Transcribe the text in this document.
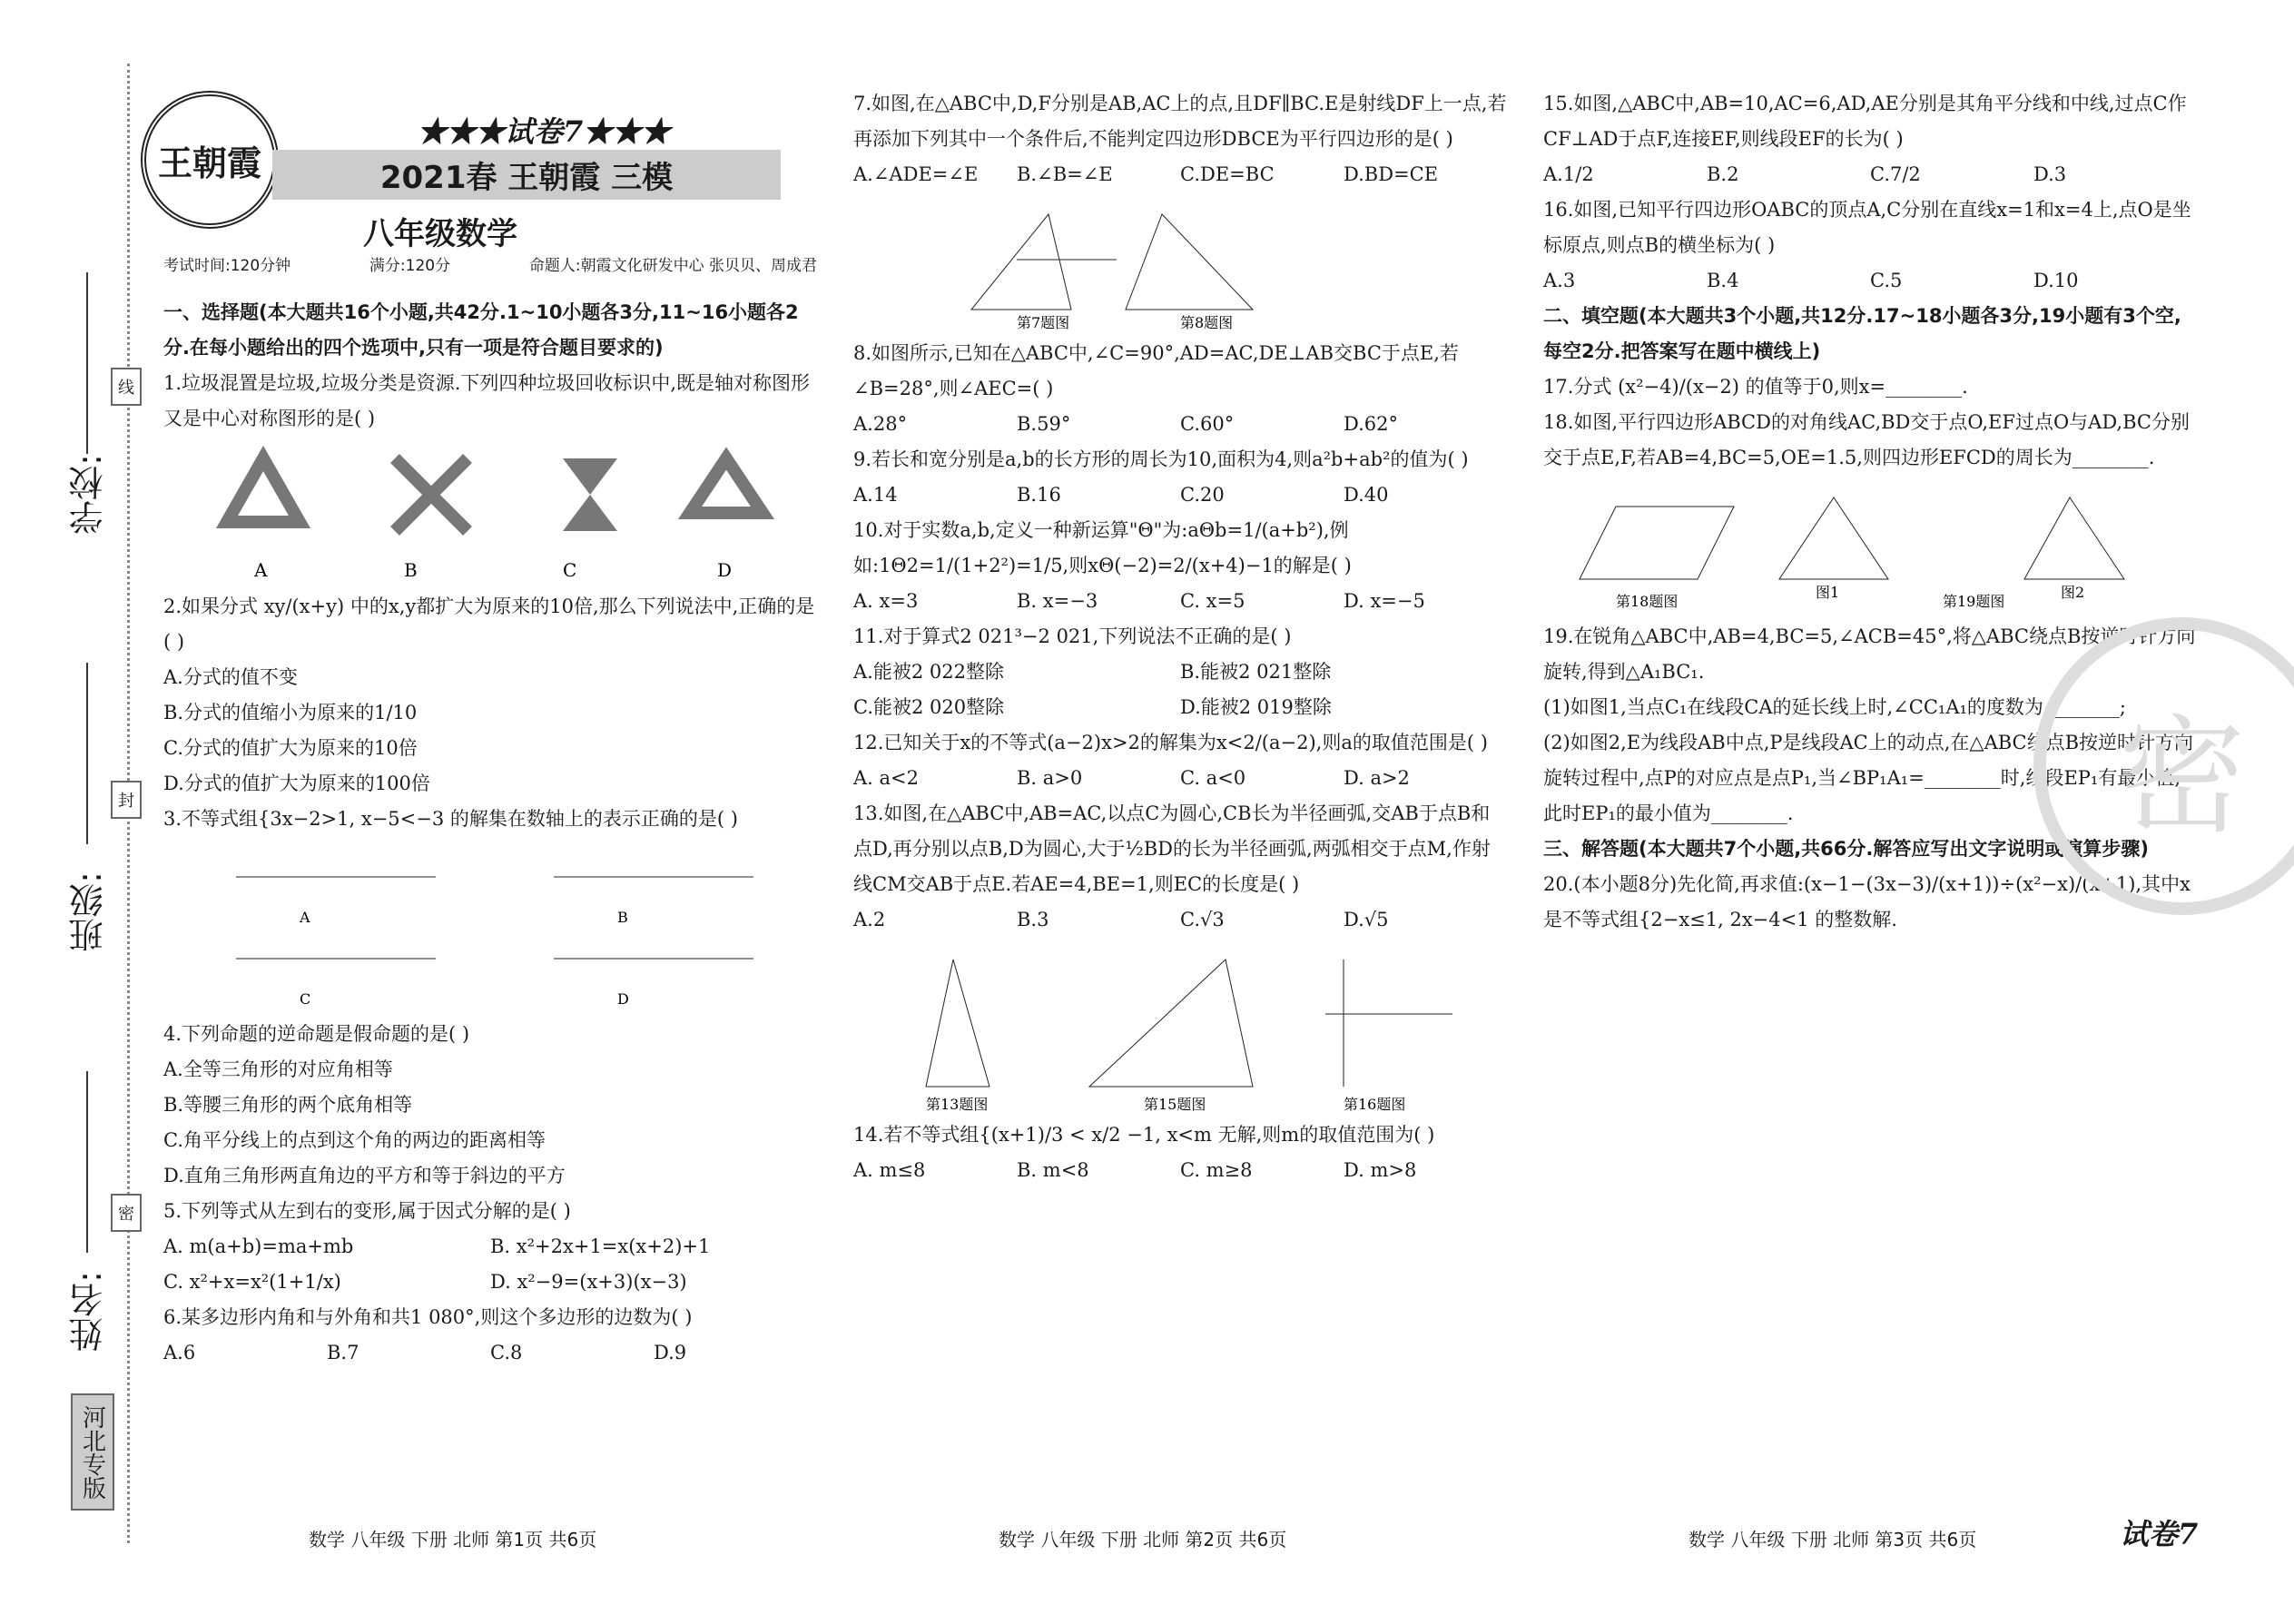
学校:
线
班级:
封
姓名:
密
河北专版
王朝霞
★★★试卷7★★★
2021春 王朝霞 三模
八年级数学
考试时间:120分钟	满分:120分	命题人:朝霞文化研发中心 张贝贝、周成君

一、选择题(本大题共16个小题,共42分.1~10小题各3分,11~16小题各2分.在每小题给出的四个选项中,只有一项是符合题目要求的)

1.垃圾混置是垃圾,垃圾分类是资源.下列四种垃圾回收标识中,既是轴对称图形又是中心对称图形的是( )

A	B	C	D

2.如果分式 xy/(x+y) 中的x,y都扩大为原来的10倍,那么下列说法中,正确的是( )

A.分式的值不变
B.分式的值缩小为原来的1/10
C.分式的值扩大为原来的10倍
D.分式的值扩大为原来的100倍

3.不等式组{3x−2>1, x−5<−3 的解集在数轴上的表示正确的是( )

A	B
C	D

4.下列命题的逆命题是假命题的是( )

A.全等三角形的对应角相等
B.等腰三角形的两个底角相等
C.角平分线上的点到这个角的两边的距离相等
D.直角三角形两直角边的平方和等于斜边的平方

5.下列等式从左到右的变形,属于因式分解的是( )

A. m(a+b)=ma+mb	B. x²+2x+1=x(x+2)+1
C. x²+x=x²(1+1/x)	D. x²−9=(x+3)(x−3)

6.某多边形内角和与外角和共1 080°,则这个多边形的边数为( )

A.6	B.7	C.8	D.9

7.如图,在△ABC中,D,F分别是AB,AC上的点,且DF∥BC.E是射线DF上一点,若再添加下列其中一个条件后,不能判定四边形DBCE为平行四边形的是( )

A.∠ADE=∠E	B.∠B=∠E	C.DE=BC	D.BD=CE
第7题图	第8题图

8.如图所示,已知在△ABC中,∠C=90°,AD=AC,DE⊥AB交BC于点E,若∠B=28°,则∠AEC=( )

A.28°	B.59°	C.60°	D.62°

9.若长和宽分别是a,b的长方形的周长为10,面积为4,则a²b+ab²的值为( )

A.14	B.16	C.20	D.40

10.对于实数a,b,定义一种新运算"Θ"为:aΘb=1/(a+b²),例如:1Θ2=1/(1+2²)=1/5,则xΘ(−2)=2/(x+4)−1的解是( )

A. x=3	B. x=−3	C. x=5	D. x=−5

11.对于算式2 021³−2 021,下列说法不正确的是( )

A.能被2 022整除	B.能被2 021整除
C.能被2 020整除	D.能被2 019整除

12.已知关于x的不等式(a−2)x>2的解集为x<2/(a−2),则a的取值范围是( )

A. a<2	B. a>0	C. a<0	D. a>2

13.如图,在△ABC中,AB=AC,以点C为圆心,CB长为半径画弧,交AB于点B和点D,再分别以点B,D为圆心,大于½BD的长为半径画弧,两弧相交于点M,作射线CM交AB于点E.若AE=4,BE=1,则EC的长度是( )

A.2	B.3	C.√3	D.√5
第13题图	第15题图	第16题图

14.若不等式组{(x+1)/3 < x/2 −1, x<m 无解,则m的取值范围为( )

A. m≤8	B. m<8	C. m≥8	D. m>8

15.如图,△ABC中,AB=10,AC=6,AD,AE分别是其角平分线和中线,过点C作CF⊥AD于点F,连接EF,则线段EF的长为( )

A.1/2	B.2	C.7/2	D.3

16.如图,已知平行四边形OABC的顶点A,C分别在直线x=1和x=4上,点O是坐标原点,则点B的横坐标为( )

A.3	B.4	C.5	D.10

二、填空题(本大题共3个小题,共12分.17~18小题各3分,19小题有3个空,每空2分.把答案写在题中横线上)

17.分式 (x²−4)/(x−2) 的值等于0,则x=________.

18.如图,平行四边形ABCD的对角线AC,BD交于点O,EF过点O与AD,BC分别交于点E,F,若AB=4,BC=5,OE=1.5,则四边形EFCD的周长为________.

第18题图
图1
第19题图
图2

19.在锐角△ABC中,AB=4,BC=5,∠ACB=45°,将△ABC绕点B按逆时针方向旋转,得到△A₁BC₁.

(1)如图1,当点C₁在线段CA的延长线上时,∠CC₁A₁的度数为________;

(2)如图2,E为线段AB中点,P是线段AC上的动点,在△ABC绕点B按逆时针方向旋转过程中,点P的对应点是点P₁,当∠BP₁A₁=________时,线段EP₁有最小值,此时EP₁的最小值为________.

三、解答题(本大题共7个小题,共66分.解答应写出文字说明或演算步骤)

20.(本小题8分)先化简,再求值:(x−1−(3x−3)/(x+1))÷(x²−x)/(x+1),其中x是不等式组{2−x≤1, 2x−4<1 的整数解.

密
数学 八年级 下册 北师 第1页 共6页	数学 八年级 下册 北师 第2页 共6页	数学 八年级 下册 北师 第3页 共6页	试卷7
